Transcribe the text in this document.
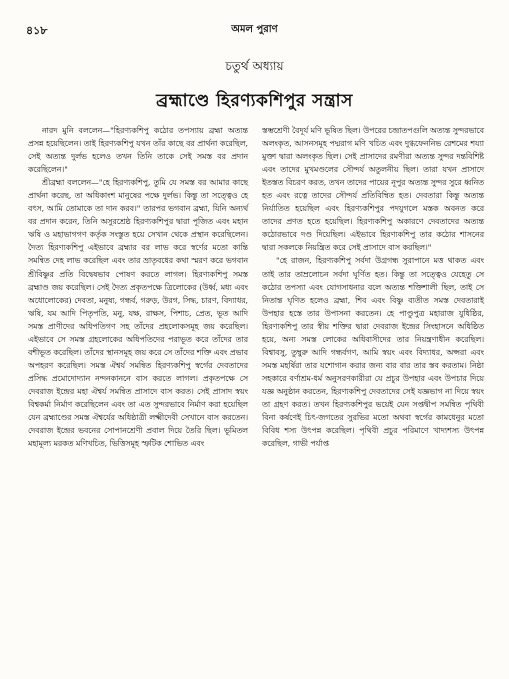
৪১৮	অমল পুরাণ
চতুর্থ অধ্যায়
ব্রহ্মাণ্ডে হিরণ্যকশিপুর সন্ত্রাস

নারদ মুনি বললেন—"হিরণ্যকশিপু কঠোর তপস্যায় ব্রহ্মা অত্যন্ত প্রসন্ন হয়েছিলেন। তাই হিরণ্যকশিপু যখন তাঁর কাছে বর প্রার্থনা করেছিল, সেই অত্যন্ত দুর্লভ হলেও তখন তিনি তাকে সেই সমস্ত বর প্রদান করেছিলেন।"

শ্রীব্রহ্মা বললেন—"হে হিরণ্যকশিপু, তুমি যে সমস্ত বর আমার কাছে প্রার্থনা করেছ, তা অধিকাংশ মানুষের পক্ষে দুর্লভ। কিন্তু তা সত্ত্বেও হে বৎস, আমি তোমাকে তা দান করব।" তারপর ভগবান ব্রহ্মা, যিনি অন্যর্থ বর প্রদান করেন, তিনি অসুরশ্রেষ্ঠ হিরণ্যকশিপুর দ্বারা পূজিত এবং মহান ঋষি ও মহাভাগগণ কর্তৃক সংস্তুত হয়ে সেখান থেকে প্রস্থান করেছিলেন। দৈত্য হিরণ্যকশিপু এইভাবে ব্রহ্মার বর লাভ করে স্বর্ণের মতো কান্তি সমন্বিত দেহ লাভ করেছিল এবং তার ভ্রাতৃবধের কথা স্মরণ করে ভগবান শ্রীবিষ্ণুর প্রতি বিদ্বেষভাব পোষণ করতে লাগল। হিরণ্যকশিপু সমস্ত ব্রহ্মাণ্ড জয় করেছিল। সেই দৈত্য প্রকৃতপক্ষে ত্রিলোকের (উর্ধ্ব, মধ্য এবং অধোলোকের) দেবতা, মনুষ্য, গন্ধর্ব, গরুড়, উরগ, সিদ্ধ, চারণ, বিদ্যাধর, ঋষি, যম আদি পিতৃপতি, মনু, যক্ষ, রাক্ষস, পিশাচ, প্রেত, ভূত আদি সমস্ত প্রাণীদের অধিপতিগণ সহ তাঁদের প্রহলোকসমূহ জয় করেছিল। এইভাবে সে সমস্ত গ্রহলোকের অধিপতিদের পরাভূত করে তাঁদের তার বশীভূত করেছিল। তাঁদের স্থানসমূহ জয় করে সে তাঁদের শক্তি এবং প্রভাব অপহরণ করেছিল। সমস্ত ঐশ্বর্য সমন্বিত হিরণ্যকশিপু স্বর্গের দেবতাদের প্রসিদ্ধ প্রমোদোদ্যান নন্দনকাননে বাস করতে লাগল। প্রকৃতপক্ষে সে দেবরাজ ইন্দ্রের মহা ঐশ্বর্য সমন্বিত প্রাসাদে বাস করত। সেই প্রাসাদ স্বয়ং বিশ্বকর্মা নির্মাণ করেছিলেন এবং তা এত সুন্দরভাবে নির্মাণ করা হয়েছিল যেন ব্রহ্মাণ্ডের সমস্ত ঐশ্বর্যের অধিষ্ঠাত্রী লক্ষ্মীদেবী সেখানে বাস করতেন। দেবরাজ ইন্দ্রের ভবনের সোপানশ্রেণী প্রবাল দিয়ে তৈরি ছিল। ভূমিতল মহামূল্য মরকত মণিখচিত, ভিত্তিসমূহ স্ফটিক শোভিত এবং

স্তম্ভশ্রেণী বৈদূর্য মণি ভূষিত ছিল। উপরের চন্দ্রাতপগুলি অত্যন্ত সুন্দরভাবে অলংকৃত, আসনসমূহ পদ্মরাগ মণি খচিত এবং দুগ্ধফেননিভ রেশমের শয্যা মুক্তা দ্বারা অলংকৃত ছিল। সেই প্রাসাদের রমণীরা অত্যন্ত সুন্দর দন্তবিশিষ্ট এবং তাদের মুখমণ্ডলের সৌন্দর্য অতুলনীয় ছিল। তারা যখন প্রাসাদে ইতস্তত বিচরণ করত, তখন তাদের পায়ের নূপুর অত্যন্ত সুন্দর সুরে ধ্বনিত হত এবং রত্নে তাদের সৌন্দর্য প্রতিবিম্বিত হত। দেবতারা কিন্তু অত্যন্ত নির্যাতিত হয়েছিল এবং হিরণ্যকশিপুর পদযুগলে মস্তক অবনত করে তাদের প্রণত হতে হয়েছিল। হিরণ্যকশিপু অকারণে দেবতাদের অত্যন্ত কঠোরভাবে দণ্ড দিয়েছিল। এইভাবে হিরণ্যকশিপু তার কঠোর শাসনের দ্বারা সকলকে নিয়ন্ত্রিত করে সেই প্রাসাদে বাস করছিল।"

"হে রাজন, হিরণ্যকশিপু সর্বদা উগ্রগন্ধ সুরাপানে মত্ত থাকত এবং তাই তার তাম্রলোচন সর্বদা ঘূর্ণিত হত। কিন্তু তা সত্ত্বেও যেহেতু সে কঠোর তপস্যা এবং যোগসাধনার বলে অত্যন্ত শক্তিশালী ছিল, তাই সে নিতান্ত ঘৃণিত হলেও ব্রহ্মা, শিব এবং বিষ্ণু ব্যতীত সমস্ত দেবতারাই উপহার হস্তে তার উপাসনা করতেন। হে পাণ্ডুপুত্র মহারাজ যুধিষ্ঠির, হিরণ্যকশিপু তার স্বীয় শক্তির দ্বারা দেবরাজ ইন্দ্রের সিংহাসনে অধিষ্ঠিত হয়ে, অন্য সমস্ত লোকের অধিবাসীদের তার নিয়ন্ত্রণাধীন করেছিল। বিশ্বাবসু, তুম্বুরু আদি গন্ধর্বগণ, আমি স্বয়ং এবং বিদ্যাধর, অপ্সরা এবং সমস্ত মহর্ষিরা তার যশোগান করার জন্য বার বার তার স্তব করতাম। নিষ্ঠা সহকারে বর্ণাশ্রম-ধর্ম অনুসরণকারীরা যে প্রচুর উপহার এবং উপচার দিয়ে যজ্ঞ অনুষ্ঠান করতেন, হিরণ্যকশিপু দেবতাদের সেই যজ্ঞভাগ না দিয়ে স্বয়ং তা গ্রহণ করত। তখন হিরণ্যকশিপুর ভয়েই যেন সপ্তদ্বীপ সমন্বিত পৃথিবী বিনা কর্ষণেই চিৎ-জগতের সুরভির মতো অথবা স্বর্গের কামধেনুর মতো বিবিধ শস্য উৎপন্ন করেছিল। পৃথিবী প্রচুর পরিমাণে খাদ্যশস্য উৎপন্ন করেছিল, গাভী পর্যাপ্ত
